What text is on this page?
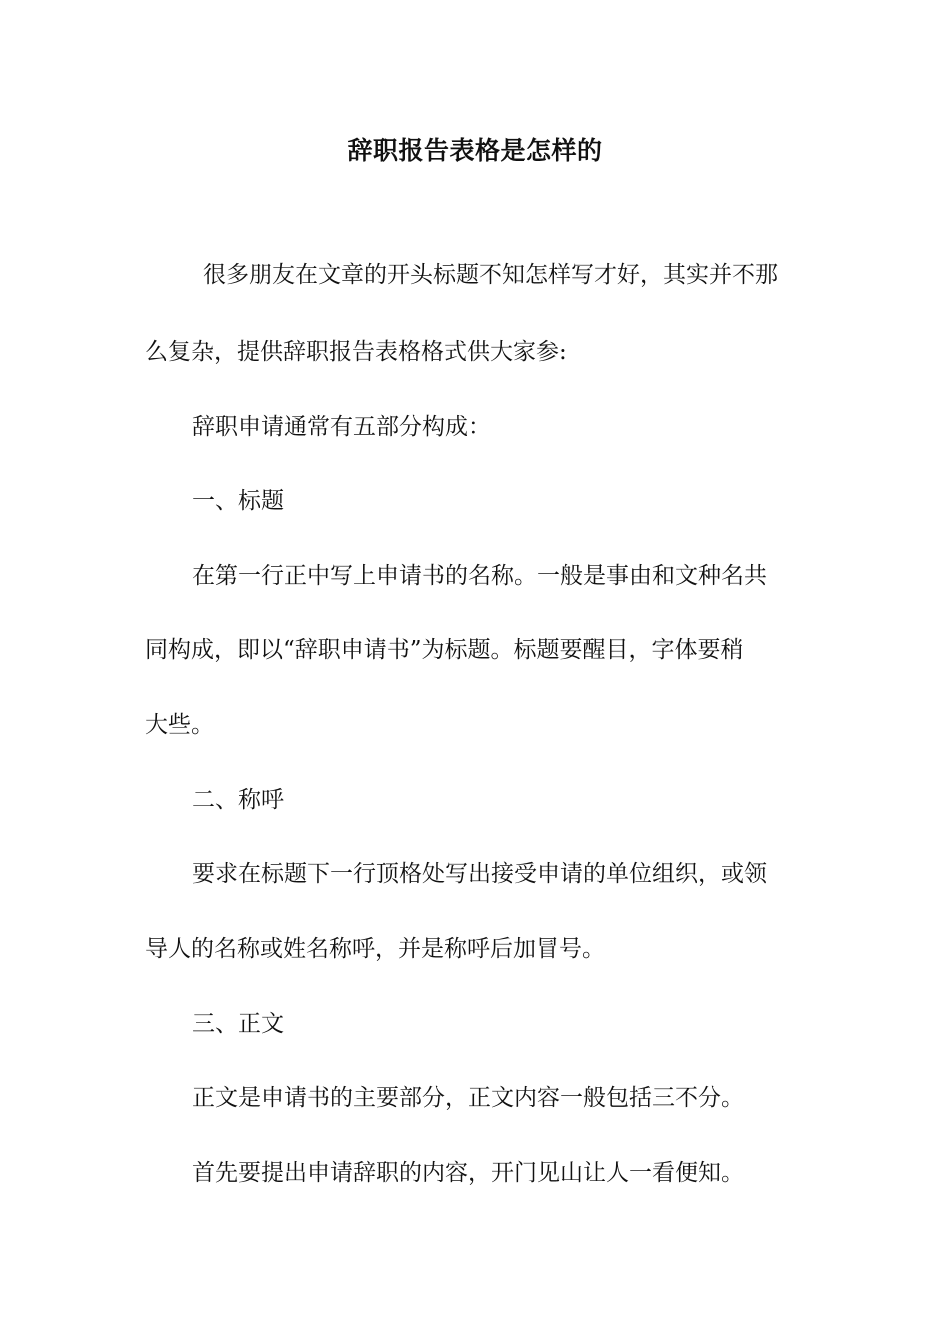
辞职报告表格是怎样的
很多朋友在文章的开头标题不知怎样写才好，其实并不那
么复杂，提供辞职报告表格格式供大家参:
辞职申请通常有五部分构成：
一、标题
在第一行正中写上申请书的名称。一般是事由和文种名共
同构成，即以“辞职申请书”为标题。标题要醒目，字体要稍
大些。
二、称呼
要求在标题下一行顶格处写出接受申请的单位组织，或领
导人的名称或姓名称呼，并是称呼后加冒号。
三、正文
正文是申请书的主要部分，正文内容一般包括三不分。
首先要提出申请辞职的内容，开门见山让人一看便知。
